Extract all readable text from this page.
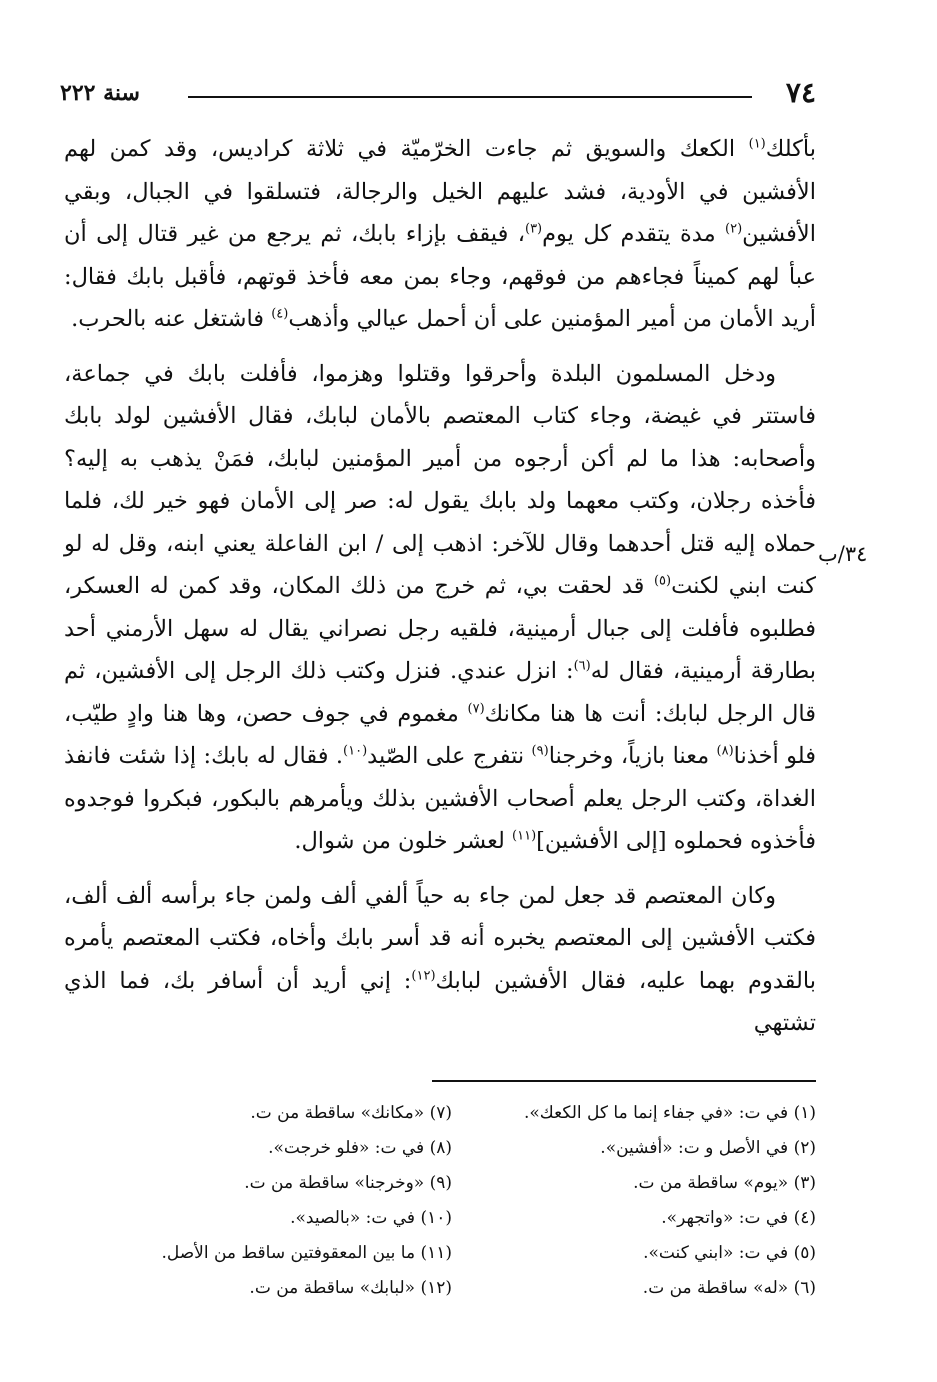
٧٤
سنة ٢٢٢

بأكلك$^{(١)}$ الكعك والسويق ثم جاءت الخرّميّة في ثلاثة كراديس، وقد كمن لهم الأفشين في الأودية، فشد عليهم الخيل والرجالة، فتسلقوا في الجبال، وبقي الأفشين$^{(٢)}$ مدة يتقدم كل يوم$^{(٣)}$، فيقف بإزاء بابك، ثم يرجع من غير قتال إلى أن عبأ لهم كميناً فجاءهم من فوقهم، وجاء بمن معه فأخذ قوتهم، فأقبل بابك فقال: أريد الأمان من أمير المؤمنين على أن أحمل عيالي وأذهب$^{(٤)}$ فاشتغل عنه بالحرب.

ودخل المسلمون البلدة وأحرقوا وقتلوا وهزموا، فأفلت بابك في جماعة، فاستتر في غيضة، وجاء كتاب المعتصم بالأمان لبابك، فقال الأفشين لولد بابك وأصحابه: هذا ما لم أكن أرجوه من أمير المؤمنين لبابك، فمَنْ يذهب به إليه؟ فأخذه رجلان، وكتب معهما ولد بابك يقول له: صر إلى الأمان فهو خير لك، فلما حملاه إليه قتل أحدهما وقال للآخر: اذهب إلى / ابن الفاعلة يعني ابنه، وقل له لو كنت ابني لكنت$^{(٥)}$ قد لحقت بي، ثم خرج من ذلك المكان، وقد كمن له العسكر، فطلبوه فأفلت إلى جبال أرمينية، فلقيه رجل نصراني يقال له سهل الأرمني أحد بطارقة أرمينية، فقال له$^{(٦)}$: انزل عندي. فنزل وكتب ذلك الرجل إلى الأفشين، ثم قال الرجل لبابك: أنت ها هنا مكانك$^{(٧)}$ مغموم في جوف حصن، وها هنا وادٍ طيّب، فلو أخذنا$^{(٨)}$ معنا بازياً، وخرجنا$^{(٩)}$ نتفرج على الصّيد$^{(١٠)}$. فقال له بابك: إذا شئت فانفذ الغداة، وكتب الرجل يعلم أصحاب الأفشين بذلك ويأمرهم بالبكور، فبكروا فوجدوه فأخذوه فحملوه [إلى الأفشين]$^{(١١)}$ لعشر خلون من شوال.

وكان المعتصم قد جعل لمن جاء به حياً ألفي ألف ولمن جاء برأسه ألف ألف، فكتب الأفشين إلى المعتصم يخبره أنه قد أسر بابك وأخاه، فكتب المعتصم يأمره بالقدوم بهما عليه، فقال الأفشين لبابك$^{(١٢)}$: إني أريد أن أسافر بك، فما الذي تشتهي

٣٤/ب
(١) في ت: «في جفاء إنما ما كل الكعك».
(٢) في الأصل و ت: «أفشين».
(٣) «يوم» ساقطة من ت.
(٤) في ت: «واتجهر».
(٥) في ت: «ابني كنت».
(٦) «له» ساقطة من ت.
(٧) «مكانك» ساقطة من ت.
(٨) في ت: «فلو خرجت».
(٩) «وخرجنا» ساقطة من ت.
(١٠) في ت: «بالصيد».
(١١) ما بين المعقوفتين ساقط من الأصل.
(١٢) «لبابك» ساقطة من ت.
